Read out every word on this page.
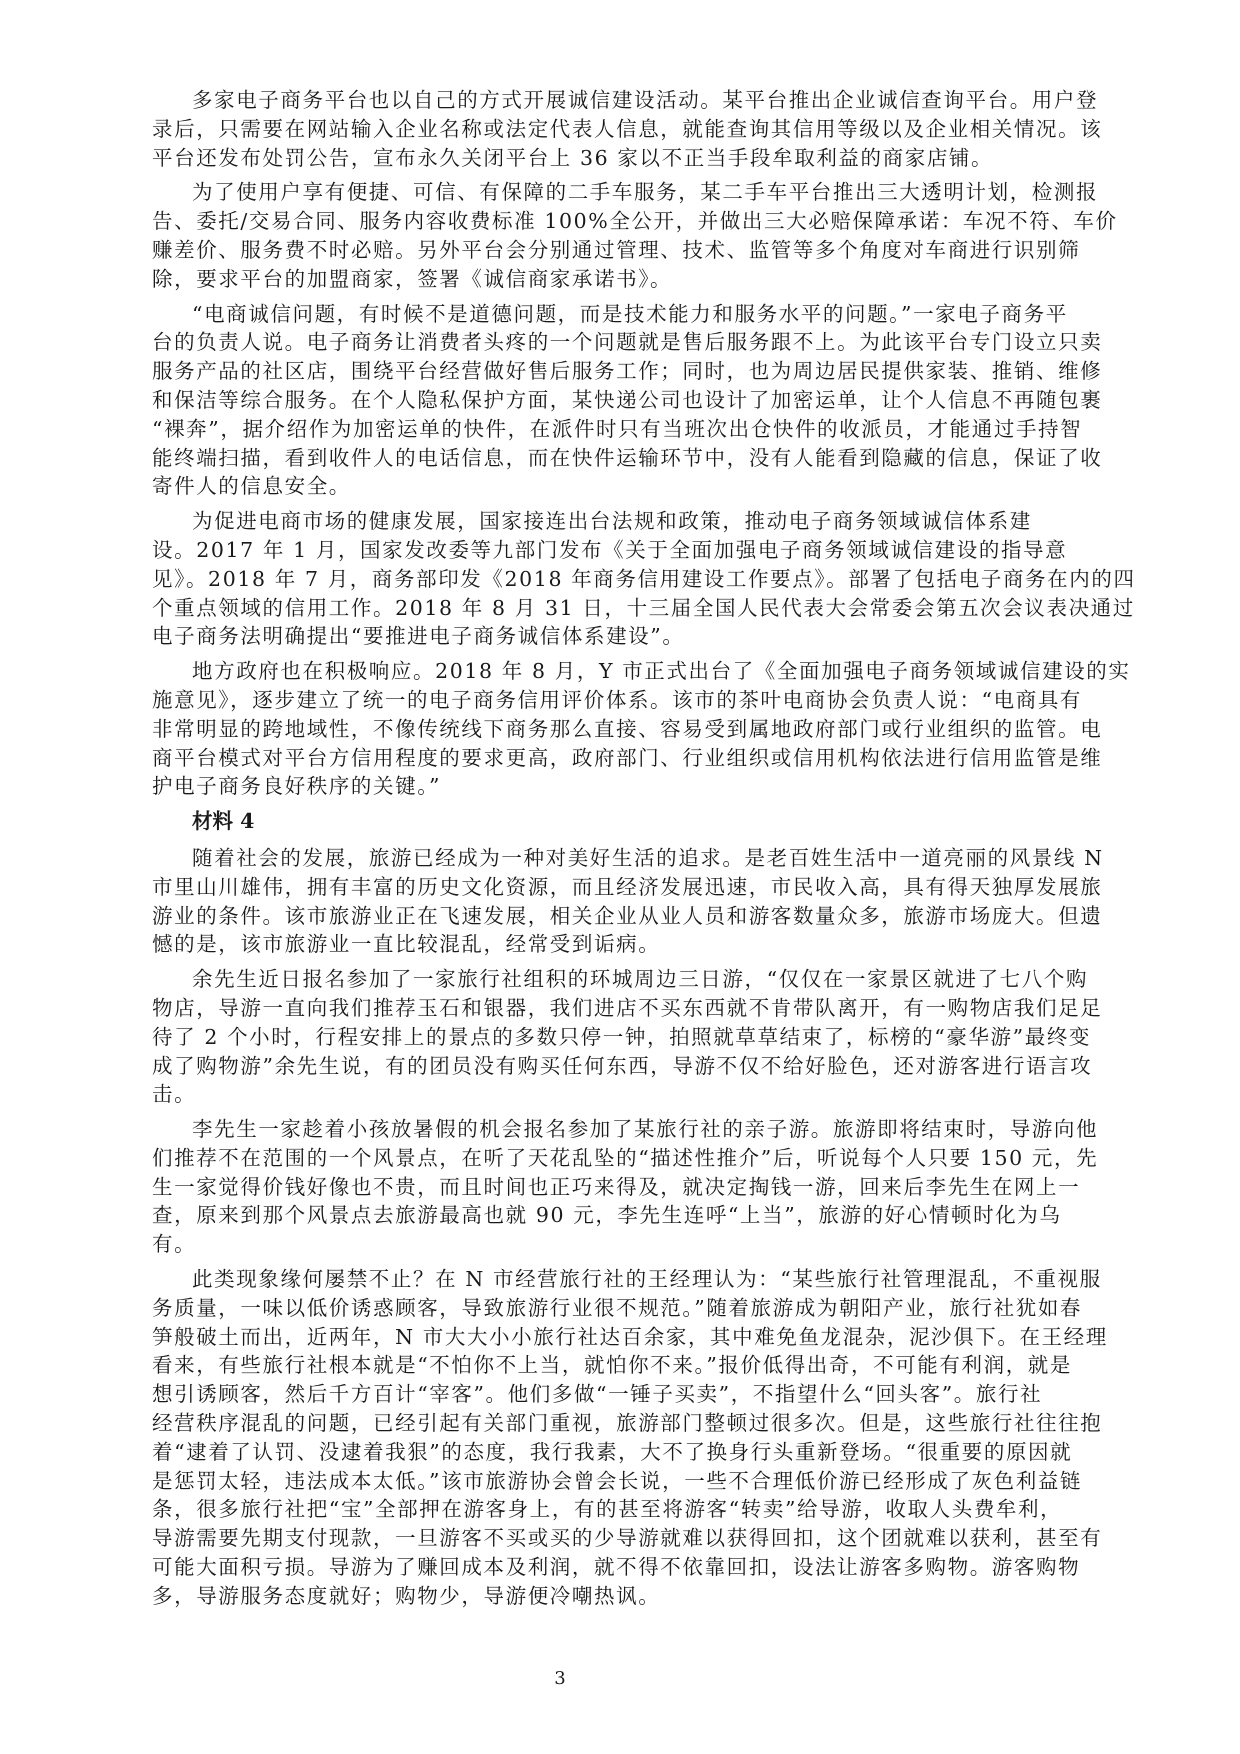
多家电子商务平台也以自己的方式开展诚信建设活动。某平台推出企业诚信查询平台。用户登
录后，只需要在网站输入企业名称或法定代表人信息，就能查询其信用等级以及企业相关情况。该
平台还发布处罚公告，宣布永久关闭平台上 36 家以不正当手段牟取利益的商家店铺。
为了使用户享有便捷、可信、有保障的二手车服务，某二手车平台推出三大透明计划，检测报
告、委托/交易合同、服务内容收费标准 100%全公开，并做出三大必赔保障承诺：车况不符、车价
赚差价、服务费不时必赔。另外平台会分别通过管理、技术、监管等多个角度对车商进行识别筛
除，要求平台的加盟商家，签署《诚信商家承诺书》。
“电商诚信问题，有时候不是道德问题，而是技术能力和服务水平的问题。”一家电子商务平
台的负责人说。电子商务让消费者头疼的一个问题就是售后服务跟不上。为此该平台专门设立只卖
服务产品的社区店，围绕平台经营做好售后服务工作；同时，也为周边居民提供家装、推销、维修
和保洁等综合服务。在个人隐私保护方面，某快递公司也设计了加密运单，让个人信息不再随包裹
“裸奔”，据介绍作为加密运单的快件，在派件时只有当班次出仓快件的收派员，才能通过手持智
能终端扫描，看到收件人的电话信息，而在快件运输环节中，没有人能看到隐藏的信息，保证了收
寄件人的信息安全。
为促进电商市场的健康发展，国家接连出台法规和政策，推动电子商务领域诚信体系建
设。2017 年 1 月，国家发改委等九部门发布《关于全面加强电子商务领域诚信建设的指导意
见》。2018 年 7 月，商务部印发《2018 年商务信用建设工作要点》。部署了包括电子商务在内的四
个重点领域的信用工作。2018 年 8 月 31 日，十三届全国人民代表大会常委会第五次会议表决通过
电子商务法明确提出“要推进电子商务诚信体系建设”。
地方政府也在积极响应。2018 年 8 月，Y 市正式出台了《全面加强电子商务领域诚信建设的实
施意见》，逐步建立了统一的电子商务信用评价体系。该市的茶叶电商协会负责人说：“电商具有
非常明显的跨地域性，不像传统线下商务那么直接、容易受到属地政府部门或行业组织的监管。电
商平台模式对平台方信用程度的要求更高，政府部门、行业组织或信用机构依法进行信用监管是维
护电子商务良好秩序的关键。”
材料 4
随着社会的发展，旅游已经成为一种对美好生活的追求。是老百姓生活中一道亮丽的风景线 N
市里山川雄伟，拥有丰富的历史文化资源，而且经济发展迅速，市民收入高，具有得天独厚发展旅
游业的条件。该市旅游业正在飞速发展，相关企业从业人员和游客数量众多，旅游市场庞大。但遗
憾的是，该市旅游业一直比较混乱，经常受到诟病。
余先生近日报名参加了一家旅行社组积的环城周边三日游，“仅仅在一家景区就进了七八个购
物店，导游一直向我们推荐玉石和银器，我们进店不买东西就不肯带队离开，有一购物店我们足足
待了 2 个小时，行程安排上的景点的多数只停一钟，拍照就草草结束了，标榜的“豪华游”最终变
成了购物游”余先生说，有的团员没有购买任何东西，导游不仅不给好脸色，还对游客进行语言攻
击。
李先生一家趁着小孩放暑假的机会报名参加了某旅行社的亲子游。旅游即将结束时，导游向他
们推荐不在范围的一个风景点，在听了天花乱坠的“描述性推介”后，听说每个人只要 150 元，先
生一家觉得价钱好像也不贵，而且时间也正巧来得及，就决定掏钱一游，回来后李先生在网上一
查，原来到那个风景点去旅游最高也就 90 元，李先生连呼“上当”，旅游的好心情顿时化为乌
有。
此类现象缘何屡禁不止？在 N 市经营旅行社的王经理认为：“某些旅行社管理混乱，不重视服
务质量，一味以低价诱惑顾客，导致旅游行业很不规范。”随着旅游成为朝阳产业，旅行社犹如春
笋般破土而出，近两年，N 市大大小小旅行社达百余家，其中难免鱼龙混杂，泥沙俱下。在王经理
看来，有些旅行社根本就是“不怕你不上当，就怕你不来。”报价低得出奇，不可能有利润，就是
想引诱顾客，然后千方百计“宰客”。他们多做“一锤子买卖”，不指望什么“回头客”。旅行社
经营秩序混乱的问题，已经引起有关部门重视，旅游部门整顿过很多次。但是，这些旅行社往往抱
着“逮着了认罚、没逮着我狠”的态度，我行我素，大不了换身行头重新登场。“很重要的原因就
是惩罚太轻，违法成本太低。”该市旅游协会曾会长说，一些不合理低价游已经形成了灰色利益链
条，很多旅行社把“宝”全部押在游客身上，有的甚至将游客“转卖”给导游，收取人头费牟利，
导游需要先期支付现款，一旦游客不买或买的少导游就难以获得回扣，这个团就难以获利，甚至有
可能大面积亏损。导游为了赚回成本及利润，就不得不依靠回扣，设法让游客多购物。游客购物
多，导游服务态度就好；购物少，导游便冷嘲热讽。
3
